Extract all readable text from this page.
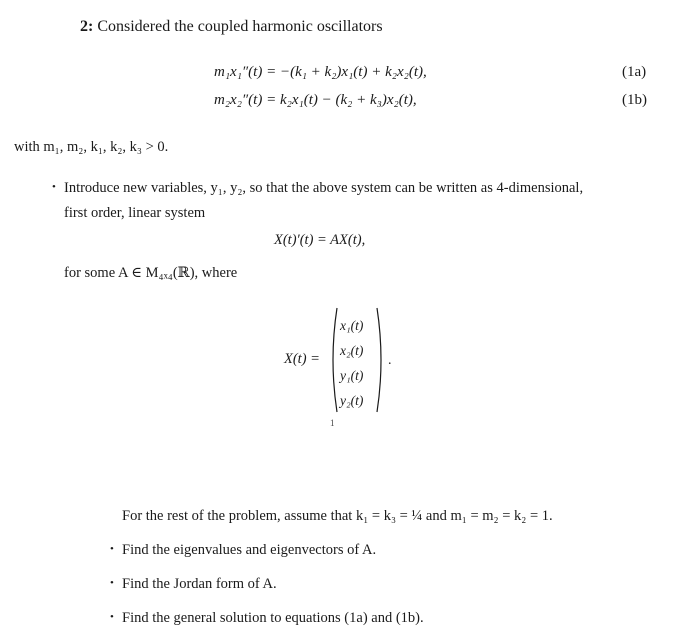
2: Considered the coupled harmonic oscillators
m₁x₁″(t) = −(k₁ + k₂)x₁(t) + k₂x₂(t),	(1a)
m₂x₂″(t) = k₂x₁(t) − (k₂ + k₃)x₂(t),	(1b)
with m₁, m₂, k₁, k₂, k₃ > 0.
• Introduce new variables, y₁, y₂, so that the above system can be written as 4-dimensional,
first order, linear system
X(t)′(t) = AX(t),
for some A ∈ M₄ₓ₄(ℝ), where
X(t) =
x₁(t)
x₂(t)
y₁(t)
y₂(t)
.
1
For the rest of the problem, assume that k₁ = k₃ = ¼ and m₁ = m₂ = k₂ = 1.
• Find the eigenvalues and eigenvectors of A.
• Find the Jordan form of A.
• Find the general solution to equations (1a) and (1b).
